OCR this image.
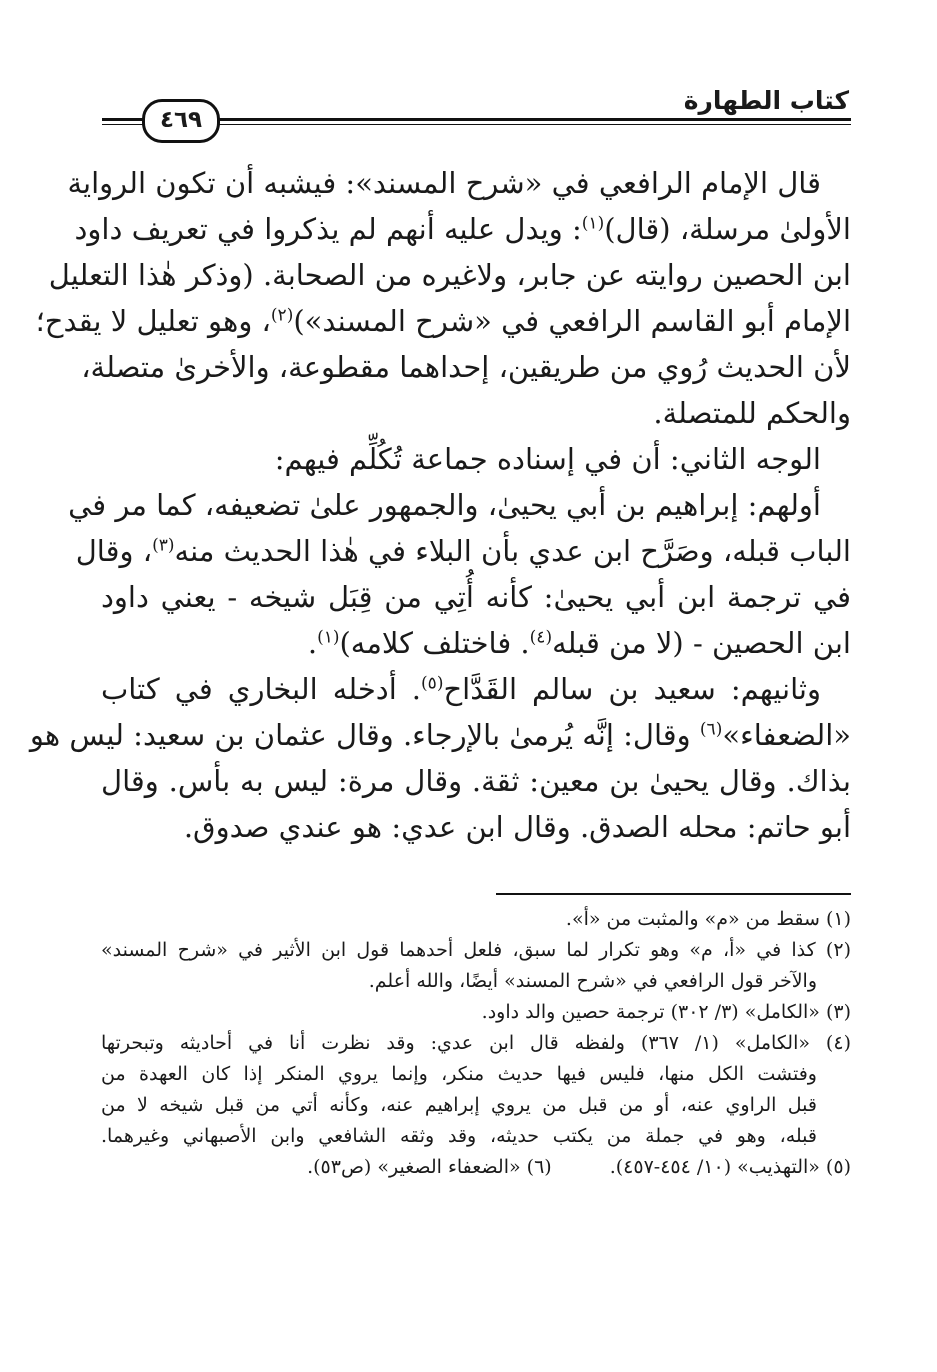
كتاب الطهارة
٤٦٩
قال الإمام الرافعي في «شرح المسند»: فيشبه أن تكون الرواية
الأولىٰ مرسلة، (قال)$^{(١)}$: ويدل عليه أنهم لم يذكروا في تعريف داود
ابن الحصين روايته عن جابر، ولاغيره من الصحابة. (وذكر هٰذا التعليل
الإمام أبو القاسم الرافعي في «شرح المسند»)$^{(٢)}$، وهو تعليل لا يقدح؛
لأن الحديث رُوي من طريقين، إحداهما مقطوعة، والأخرىٰ متصلة،
والحكم للمتصلة.
الوجه الثاني: أن في إسناده جماعة تُكُلِّم فيهم:
أولهم: إبراهيم بن أبي يحيىٰ، والجمهور علىٰ تضعيفه، كما مر في
الباب قبله، وصَرَّح ابن عدي بأن البلاء في هٰذا الحديث منه$^{(٣)}$، وقال
في ترجمة ابن أبي يحيىٰ: كأنه أُتِي من قِبَل شيخه - يعني داود
ابن الحصين - (لا من قبله$^{(٤)}$. فاختلف كلامه)$^{(١)}$.
وثانيهم: سعيد بن سالم القَدَّاح$^{(٥)}$. أدخله البخاري في كتاب
«الضعفاء»$^{(٦)}$ وقال: إنَّه يُرمىٰ بالإرجاء. وقال عثمان بن سعيد: ليس هو
بذاك. وقال يحيىٰ بن معين: ثقة. وقال مرة: ليس به بأس. وقال
أبو حاتم: محله الصدق. وقال ابن عدي: هو عندي صدوق.
(١) سقط من «م» والمثبت من «أ».
(٢) كذا في «أ، م» وهو تكرار لما سبق، فلعل أحدهما قول ابن الأثير في «شرح المسند»
والآخر قول الرافعي في «شرح المسند» أيضًا، والله أعلم.
(٣) «الكامل» (٣/ ٣٠٢) ترجمة حصين والد داود.
(٤) «الكامل» (١/ ٣٦٧) ولفظه قال ابن عدي: وقد نظرت أنا في أحاديثه وتبحرتها
وفتشت الكل منها، فليس فيها حديث منكر، وإنما يروي المنكر إذا كان العهدة من
قبل الراوي عنه، أو من قبل من يروي إبراهيم عنه، وكأنه أتي من قبل شيخه لا من
قبله، وهو في جملة من يكتب حديثه، وقد وثقه الشافعي وابن الأصبهاني وغيرهما.
(٥) «التهذيب» (١٠/ ٤٥٤-٤٥٧).
(٦) «الضعفاء الصغير» (ص٥٣).
